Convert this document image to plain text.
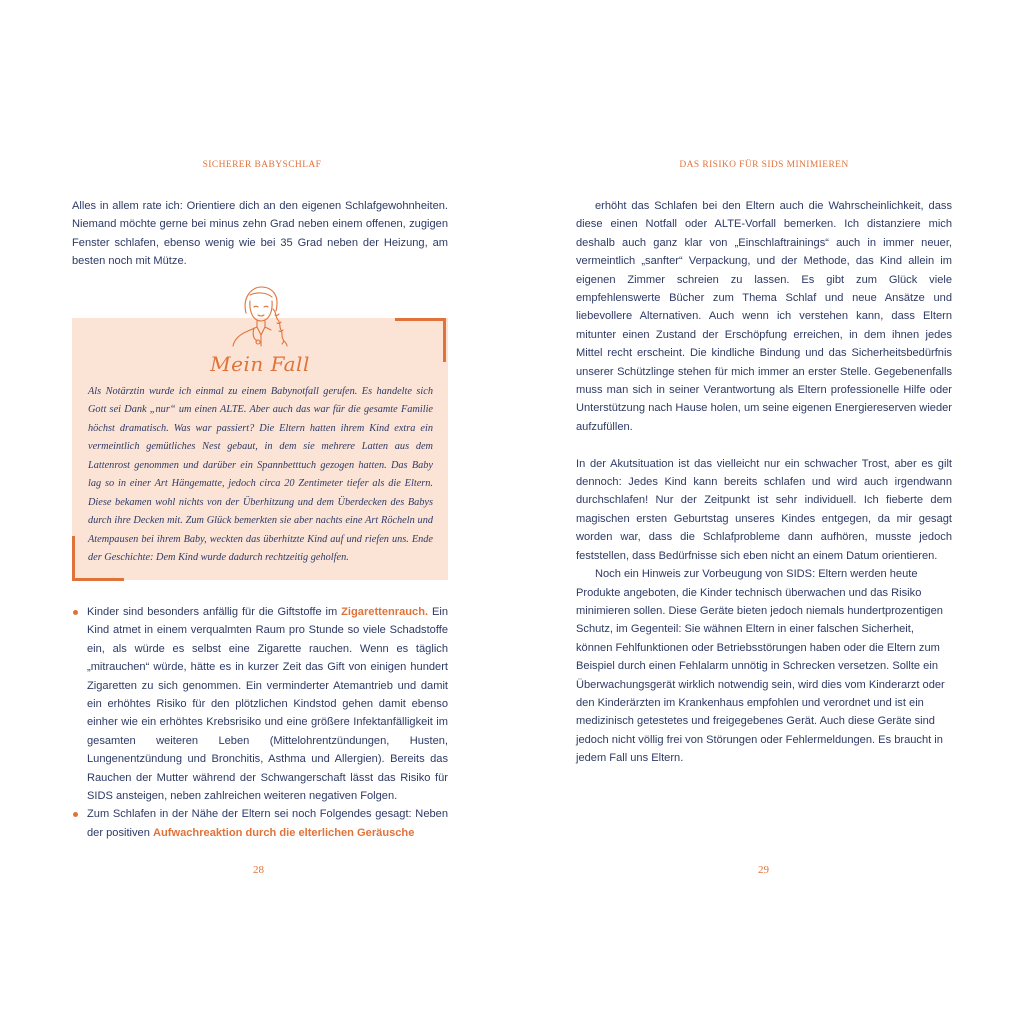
SICHERER BABYSCHLAF

Alles in allem rate ich: Orientiere dich an den eigenen Schlafgewohnheiten. Niemand möchte gerne bei minus zehn Grad neben einem offenen, zugigen Fenster schlafen, ebenso wenig wie bei 35 Grad neben der Heizung, am besten noch mit Mütze.

Mein Fall

Als Notärztin wurde ich einmal zu einem Babynotfall gerufen. Es handelte sich Gott sei Dank „nur“ um einen ALTE. Aber auch das war für die gesamte Familie höchst dramatisch. Was war passiert? Die Eltern hatten ihrem Kind extra ein vermeintlich gemütliches Nest gebaut, in dem sie mehrere Latten aus dem Lattenrost genommen und darüber ein Spannbetttuch gezogen hatten. Das Baby lag so in einer Art Hängematte, jedoch circa 20 Zentimeter tiefer als die Eltern. Diese bekamen wohl nichts von der Überhitzung und dem Überdecken des Babys durch ihre Decken mit. Zum Glück bemerkten sie aber nachts eine Art Röcheln und Atempausen bei ihrem Baby, weckten das überhitzte Kind auf und riefen uns. Ende der Geschichte: Dem Kind wurde dadurch rechtzeitig geholfen.

Kinder sind besonders anfällig für die Giftstoffe im Zigarettenrauch. Ein Kind atmet in einem verqualmten Raum pro Stunde so viele Schadstoffe ein, als würde es selbst eine Zigarette rauchen. Wenn es täglich „mitrauchen“ würde, hätte es in kurzer Zeit das Gift von einigen hundert Zigaretten zu sich genommen. Ein verminderter Atemantrieb und damit ein erhöhtes Risiko für den plötzlichen Kindstod gehen damit ebenso einher wie ein erhöhtes Krebsrisiko und eine größere Infektanfälligkeit im gesamten weiteren Leben (Mittelohrentzündungen, Husten, Lungenentzündung und Bronchitis, Asthma und Allergien). Bereits das Rauchen der Mutter während der Schwangerschaft lässt das Risiko für SIDS ansteigen, neben zahlreichen weiteren negativen Folgen.
Zum Schlafen in der Nähe der Eltern sei noch Folgendes gesagt: Neben der positiven Aufwachreaktion durch die elterlichen Geräusche
28
DAS RISIKO FÜR SIDS MINIMIEREN

erhöht das Schlafen bei den Eltern auch die Wahrscheinlichkeit, dass diese einen Notfall oder ALTE-Vorfall bemerken. Ich distanziere mich deshalb auch ganz klar von „Einschlaftrainings“ auch in immer neuer, vermeintlich „sanfter“ Verpackung, und der Methode, das Kind allein im eigenen Zimmer schreien zu lassen. Es gibt zum Glück viele empfehlenswerte Bücher zum Thema Schlaf und neue Ansätze und liebevollere Alternativen. Auch wenn ich verstehen kann, dass Eltern mitunter einen Zustand der Erschöpfung erreichen, in dem ihnen jedes Mittel recht erscheint. Die kindliche Bindung und das Sicherheitsbedürfnis unserer Schützlinge stehen für mich immer an erster Stelle. Gegebenenfalls muss man sich in seiner Verantwortung als Eltern professionelle Hilfe oder Unterstützung nach Hause holen, um seine eigenen Energiereserven wieder aufzufüllen.

In der Akutsituation ist das vielleicht nur ein schwacher Trost, aber es gilt dennoch: Jedes Kind kann bereits schlafen und wird auch irgendwann durchschlafen! Nur der Zeitpunkt ist sehr individuell. Ich fieberte dem magischen ersten Geburtstag unseres Kindes entgegen, da mir gesagt worden war, dass die Schlafprobleme dann aufhören, musste jedoch feststellen, dass Bedürfnisse sich eben nicht an einem Datum orientieren.

Noch ein Hinweis zur Vorbeugung von SIDS: Eltern werden heute Produkte angeboten, die Kinder technisch überwachen und das Risiko minimieren sollen. Diese Geräte bieten jedoch niemals hundertprozentigen Schutz, im Gegenteil: Sie wähnen Eltern in einer falschen Sicherheit, können Fehlfunktionen oder Betriebsstörungen haben oder die Eltern zum Beispiel durch einen Fehlalarm unnötig in Schrecken versetzen. Sollte ein Überwachungsgerät wirklich notwendig sein, wird dies vom Kinderarzt oder den Kinderärzten im Krankenhaus empfohlen und verordnet und ist ein medizinisch getestetes und freigegebenes Gerät. Auch diese Geräte sind jedoch nicht völlig frei von Störungen oder Fehlermeldungen. Es braucht in jedem Fall uns Eltern.

29
